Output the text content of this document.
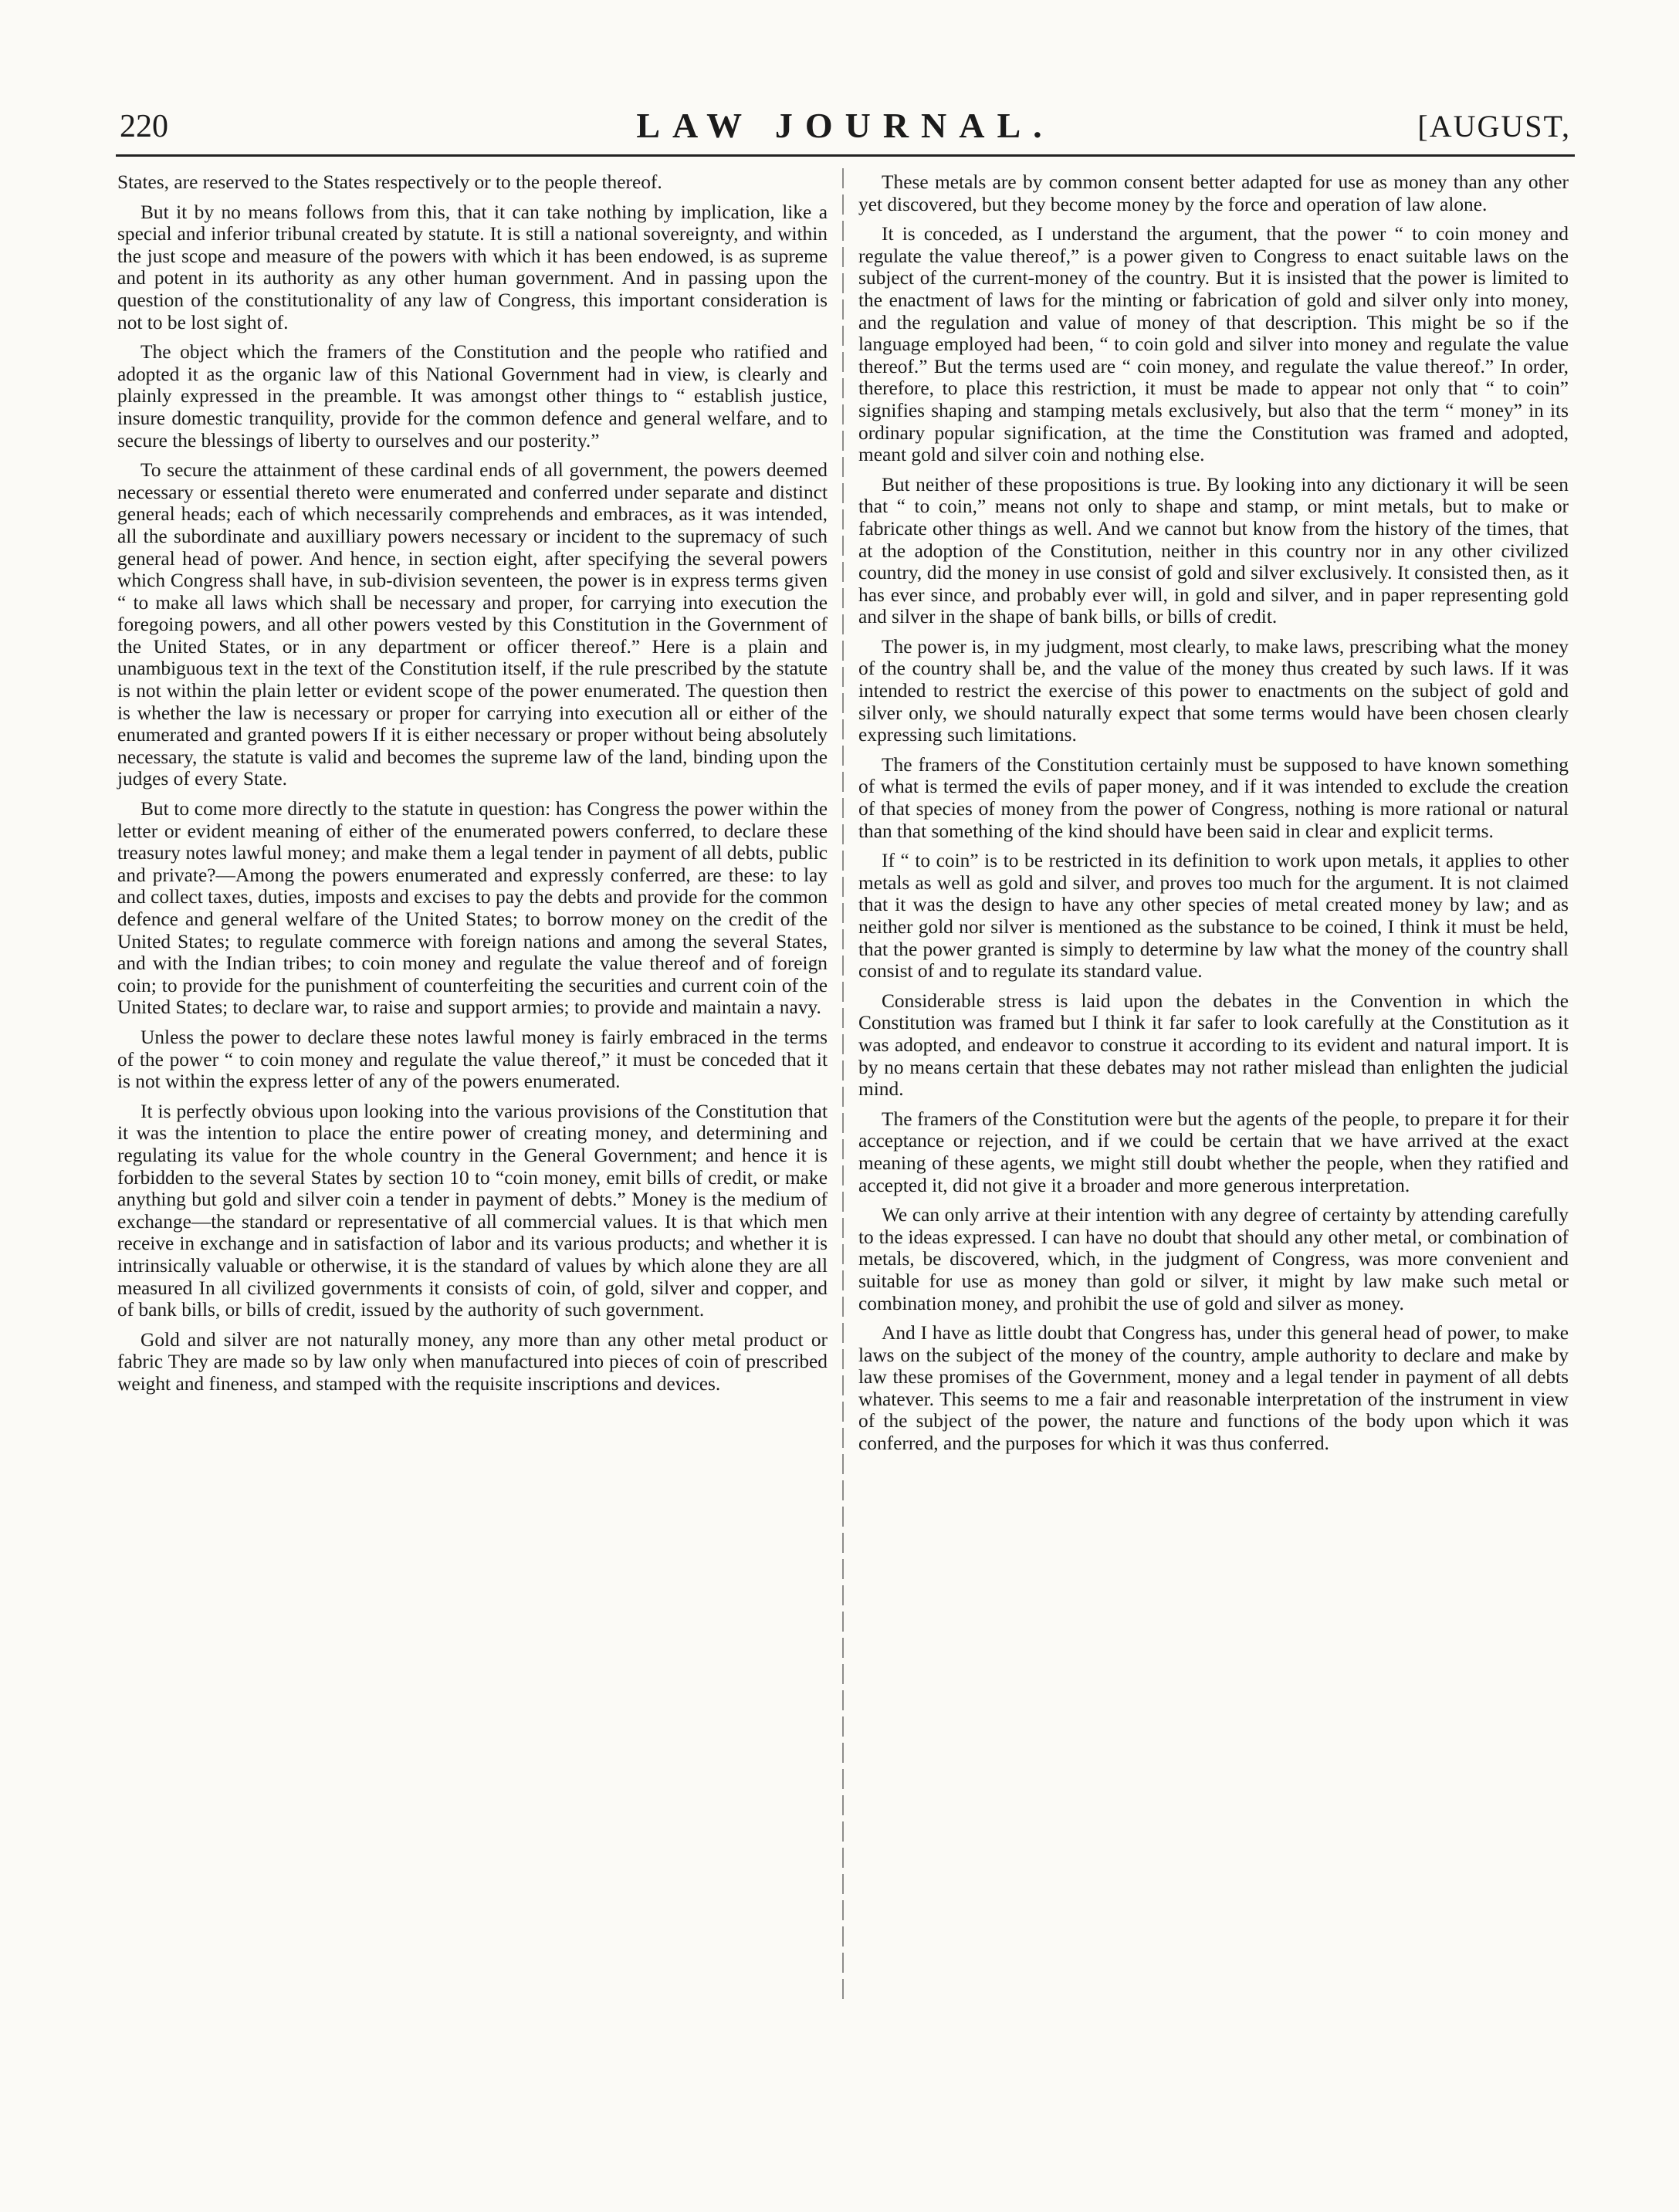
220	LAW JOURNAL.	[AUGUST,

States, are reserved to the States respectively or to the people thereof.

But it by no means follows from this, that it can take nothing by implication, like a special and inferior tribunal created by statute. It is still a national sovereignty, and within the just scope and measure of the powers with which it has been endowed, is as supreme and potent in its authority as any other human government. And in passing upon the question of the constitutionality of any law of Congress, this important consideration is not to be lost sight of.

The object which the framers of the Constitution and the people who ratified and adopted it as the organic law of this National Government had in view, is clearly and plainly expressed in the preamble. It was amongst other things to “ establish justice, insure domestic tranquility, provide for the common defence and general welfare, and to secure the blessings of liberty to ourselves and our posterity.”

To secure the attainment of these cardinal ends of all government, the powers deemed necessary or essential thereto were enumerated and conferred under separate and distinct general heads; each of which necessarily comprehends and embraces, as it was intended, all the subordinate and auxilliary powers necessary or incident to the supremacy of such general head of power. And hence, in section eight, after specifying the several powers which Congress shall have, in sub-division seventeen, the power is in express terms given “ to make all laws which shall be necessary and proper, for carrying into execution the foregoing powers, and all other powers vested by this Constitution in the Government of the United States, or in any department or officer thereof.” Here is a plain and unambiguous text in the text of the Constitution itself, if the rule prescribed by the statute is not within the plain letter or evident scope of the power enumerated. The question then is whether the law is necessary or proper for carrying into execution all or either of the enumerated and granted powers If it is either necessary or proper without being absolutely necessary, the statute is valid and becomes the supreme law of the land, binding upon the judges of every State.

But to come more directly to the statute in question: has Congress the power within the letter or evident meaning of either of the enumerated powers conferred, to declare these treasury notes lawful money; and make them a legal tender in payment of all debts, public and private?—Among the powers enumerated and expressly conferred, are these: to lay and collect taxes, duties, imposts and excises to pay the debts and provide for the common defence and general welfare of the United States; to borrow money on the credit of the United States; to regulate commerce with foreign nations and among the several States, and with the Indian tribes; to coin money and regulate the value thereof and of foreign coin; to provide for the punishment of counterfeiting the securities and current coin of the United States; to declare war, to raise and support armies; to provide and maintain a navy.

Unless the power to declare these notes lawful money is fairly embraced in the terms of the power “ to coin money and regulate the value thereof,” it must be conceded that it is not within the express letter of any of the powers enumerated.

It is perfectly obvious upon looking into the various provisions of the Constitution that it was the intention to place the entire power of creating money, and determining and regulating its value for the whole country in the General Government; and hence it is forbidden to the several States by section 10 to “coin money, emit bills of credit, or make anything but gold and silver coin a tender in payment of debts.” Money is the medium of exchange—the standard or representative of all commercial values. It is that which men receive in exchange and in satisfaction of labor and its various products; and whether it is intrinsically valuable or otherwise, it is the standard of values by which alone they are all measured In all civilized governments it consists of coin, of gold, silver and copper, and of bank bills, or bills of credit, issued by the authority of such government.

Gold and silver are not naturally money, any more than any other metal product or fabric They are made so by law only when manufactured into pieces of coin of prescribed weight and fineness, and stamped with the requisite inscriptions and devices.

These metals are by common consent better adapted for use as money than any other yet discovered, but they become money by the force and operation of law alone.

It is conceded, as I understand the argument, that the power “ to coin money and regulate the value thereof,” is a power given to Congress to enact suitable laws on the subject of the current-money of the country. But it is insisted that the power is limited to the enactment of laws for the minting or fabrication of gold and silver only into money, and the regulation and value of money of that description. This might be so if the language employed had been, “ to coin gold and silver into money and regulate the value thereof.” But the terms used are “ coin money, and regulate the value thereof.” In order, therefore, to place this restriction, it must be made to appear not only that “ to coin” signifies shaping and stamping metals exclusively, but also that the term “ money” in its ordinary popular signification, at the time the Constitution was framed and adopted, meant gold and silver coin and nothing else.

But neither of these propositions is true. By looking into any dictionary it will be seen that “ to coin,” means not only to shape and stamp, or mint metals, but to make or fabricate other things as well. And we cannot but know from the history of the times, that at the adoption of the Constitution, neither in this country nor in any other civilized country, did the money in use consist of gold and silver exclusively. It consisted then, as it has ever since, and probably ever will, in gold and silver, and in paper representing gold and silver in the shape of bank bills, or bills of credit.

The power is, in my judgment, most clearly, to make laws, prescribing what the money of the country shall be, and the value of the money thus created by such laws. If it was intended to restrict the exercise of this power to enactments on the subject of gold and silver only, we should naturally expect that some terms would have been chosen clearly expressing such limitations.

The framers of the Constitution certainly must be supposed to have known something of what is termed the evils of paper money, and if it was intended to exclude the creation of that species of money from the power of Congress, nothing is more rational or natural than that something of the kind should have been said in clear and explicit terms.

If “ to coin” is to be restricted in its definition to work upon metals, it applies to other metals as well as gold and silver, and proves too much for the argument. It is not claimed that it was the design to have any other species of metal created money by law; and as neither gold nor silver is mentioned as the substance to be coined, I think it must be held, that the power granted is simply to determine by law what the money of the country shall consist of and to regulate its standard value.

Considerable stress is laid upon the debates in the Convention in which the Constitution was framed but I think it far safer to look carefully at the Constitution as it was adopted, and endeavor to construe it according to its evident and natural import. It is by no means certain that these debates may not rather mislead than enlighten the judicial mind.

The framers of the Constitution were but the agents of the people, to prepare it for their acceptance or rejection, and if we could be certain that we have arrived at the exact meaning of these agents, we might still doubt whether the people, when they ratified and accepted it, did not give it a broader and more generous interpretation.

We can only arrive at their intention with any degree of certainty by attending carefully to the ideas expressed. I can have no doubt that should any other metal, or combination of metals, be discovered, which, in the judgment of Congress, was more convenient and suitable for use as money than gold or silver, it might by law make such metal or combination money, and prohibit the use of gold and silver as money.

And I have as little doubt that Congress has, under this general head of power, to make laws on the subject of the money of the country, ample authority to declare and make by law these promises of the Government, money and a legal tender in payment of all debts whatever. This seems to me a fair and reasonable interpretation of the instrument in view of the subject of the power, the nature and functions of the body upon which it was conferred, and the purposes for which it was thus conferred.
